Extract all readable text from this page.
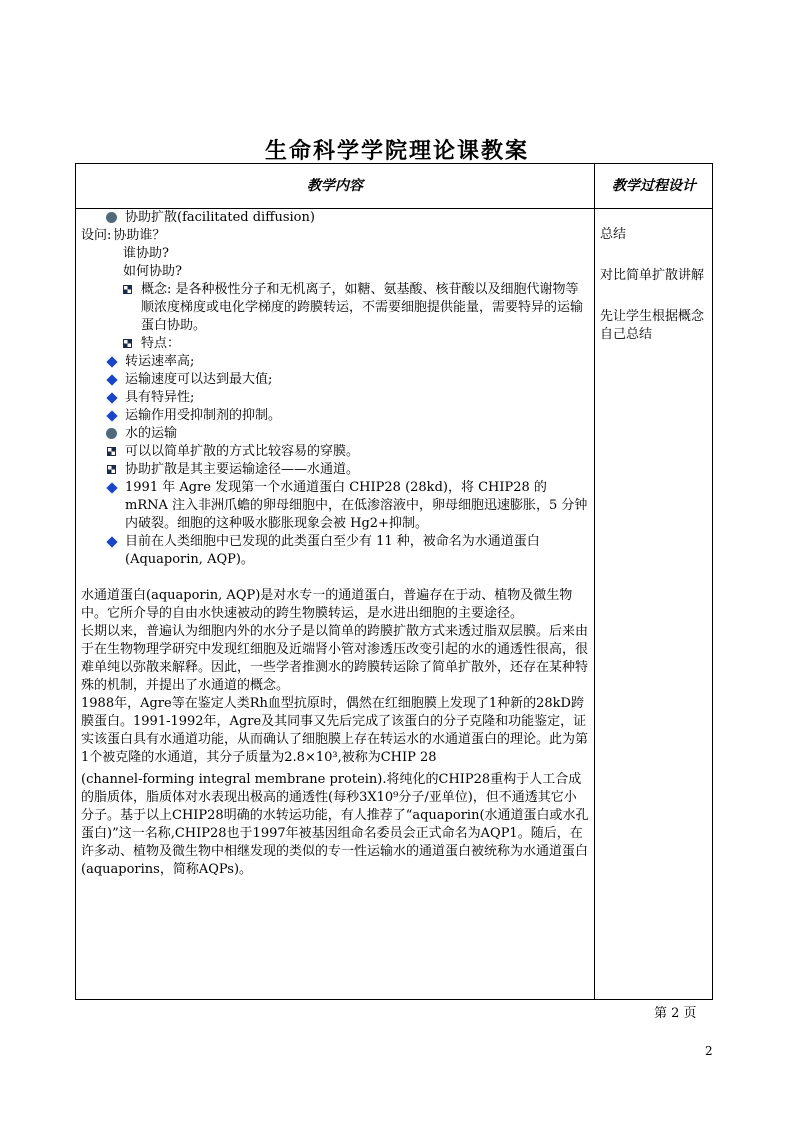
生命科学学院理论课教案
教学内容	教学过程设计
协助扩散(facilitated diffusion)
设问: 协助谁？
谁协助?
如何协助?
概念: 是各种极性分子和无机离子，如糖、氨基酸、核苷酸以及细胞代谢物等顺浓度梯度或电化学梯度的跨膜转运，不需要细胞提供能量，需要特异的运输蛋白协助。
特点：
转运速率高;
运输速度可以达到最大值;
具有特异性;
运输作用受抑制剂的抑制。
水的运输
可以以简单扩散的方式比较容易的穿膜。
协助扩散是其主要运输途径——水通道。
1991 年 Agre 发现第一个水通道蛋白 CHIP28 (28kd)，将 CHIP28 的 mRNA 注入非洲爪蟾的卵母细胞中，在低渗溶液中，卵母细胞迅速膨胀，5 分钟内破裂。细胞的这种吸水膨胀现象会被 Hg2+抑制。
目前在人类细胞中已发现的此类蛋白至少有 11 种，被命名为水通道蛋白 (Aquaporin, AQP)。

水通道蛋白(aquaporin, AQP)是对水专一的通道蛋白，普遍存在于动、植物及微生物中。它所介导的自由水快速被动的跨生物膜转运，是水进出细胞的主要途径。

长期以来，普遍认为细胞内外的水分子是以简单的跨膜扩散方式来透过脂双层膜。后来由于在生物物理学研究中发现红细胞及近端肾小管对渗透压改变引起的水的通透性很高，很难单纯以弥散来解释。因此，一些学者推测水的跨膜转运除了简单扩散外，还存在某种特殊的机制，并提出了水通道的概念。

1988年，Agre等在鉴定人类Rh血型抗原时，偶然在红细胞膜上发现了1种新的28kD跨膜蛋白。1991-1992年，Agre及其同事又先后完成了该蛋白的分子克隆和功能鉴定，证实该蛋白具有水通道功能，从而确认了细胞膜上存在转运水的水通道蛋白的理论。此为第1个被克隆的水通道，其分子质量为2.8×10³,被称为CHIP 28

(channel-forming integral membrane protein).将纯化的CHIP28重构于人工合成的脂质体，脂质体对水表现出极高的通透性(每秒3X10⁹分子/亚单位)，但不通透其它小分子。基于以上CHIP28明确的水转运功能，有人推荐了“aquaporin(水通道蛋白或水孔蛋白)”这一名称,CHIP28也于1997年被基因组命名委员会正式命名为AQP1。随后，在许多动、植物及微生物中相继发现的类似的专一性运输水的通道蛋白被统称为水通道蛋白(aquaporins，简称AQPs)。

总结

对比简单扩散讲解

先让学生根据概念自己总结

第 2 页
2
